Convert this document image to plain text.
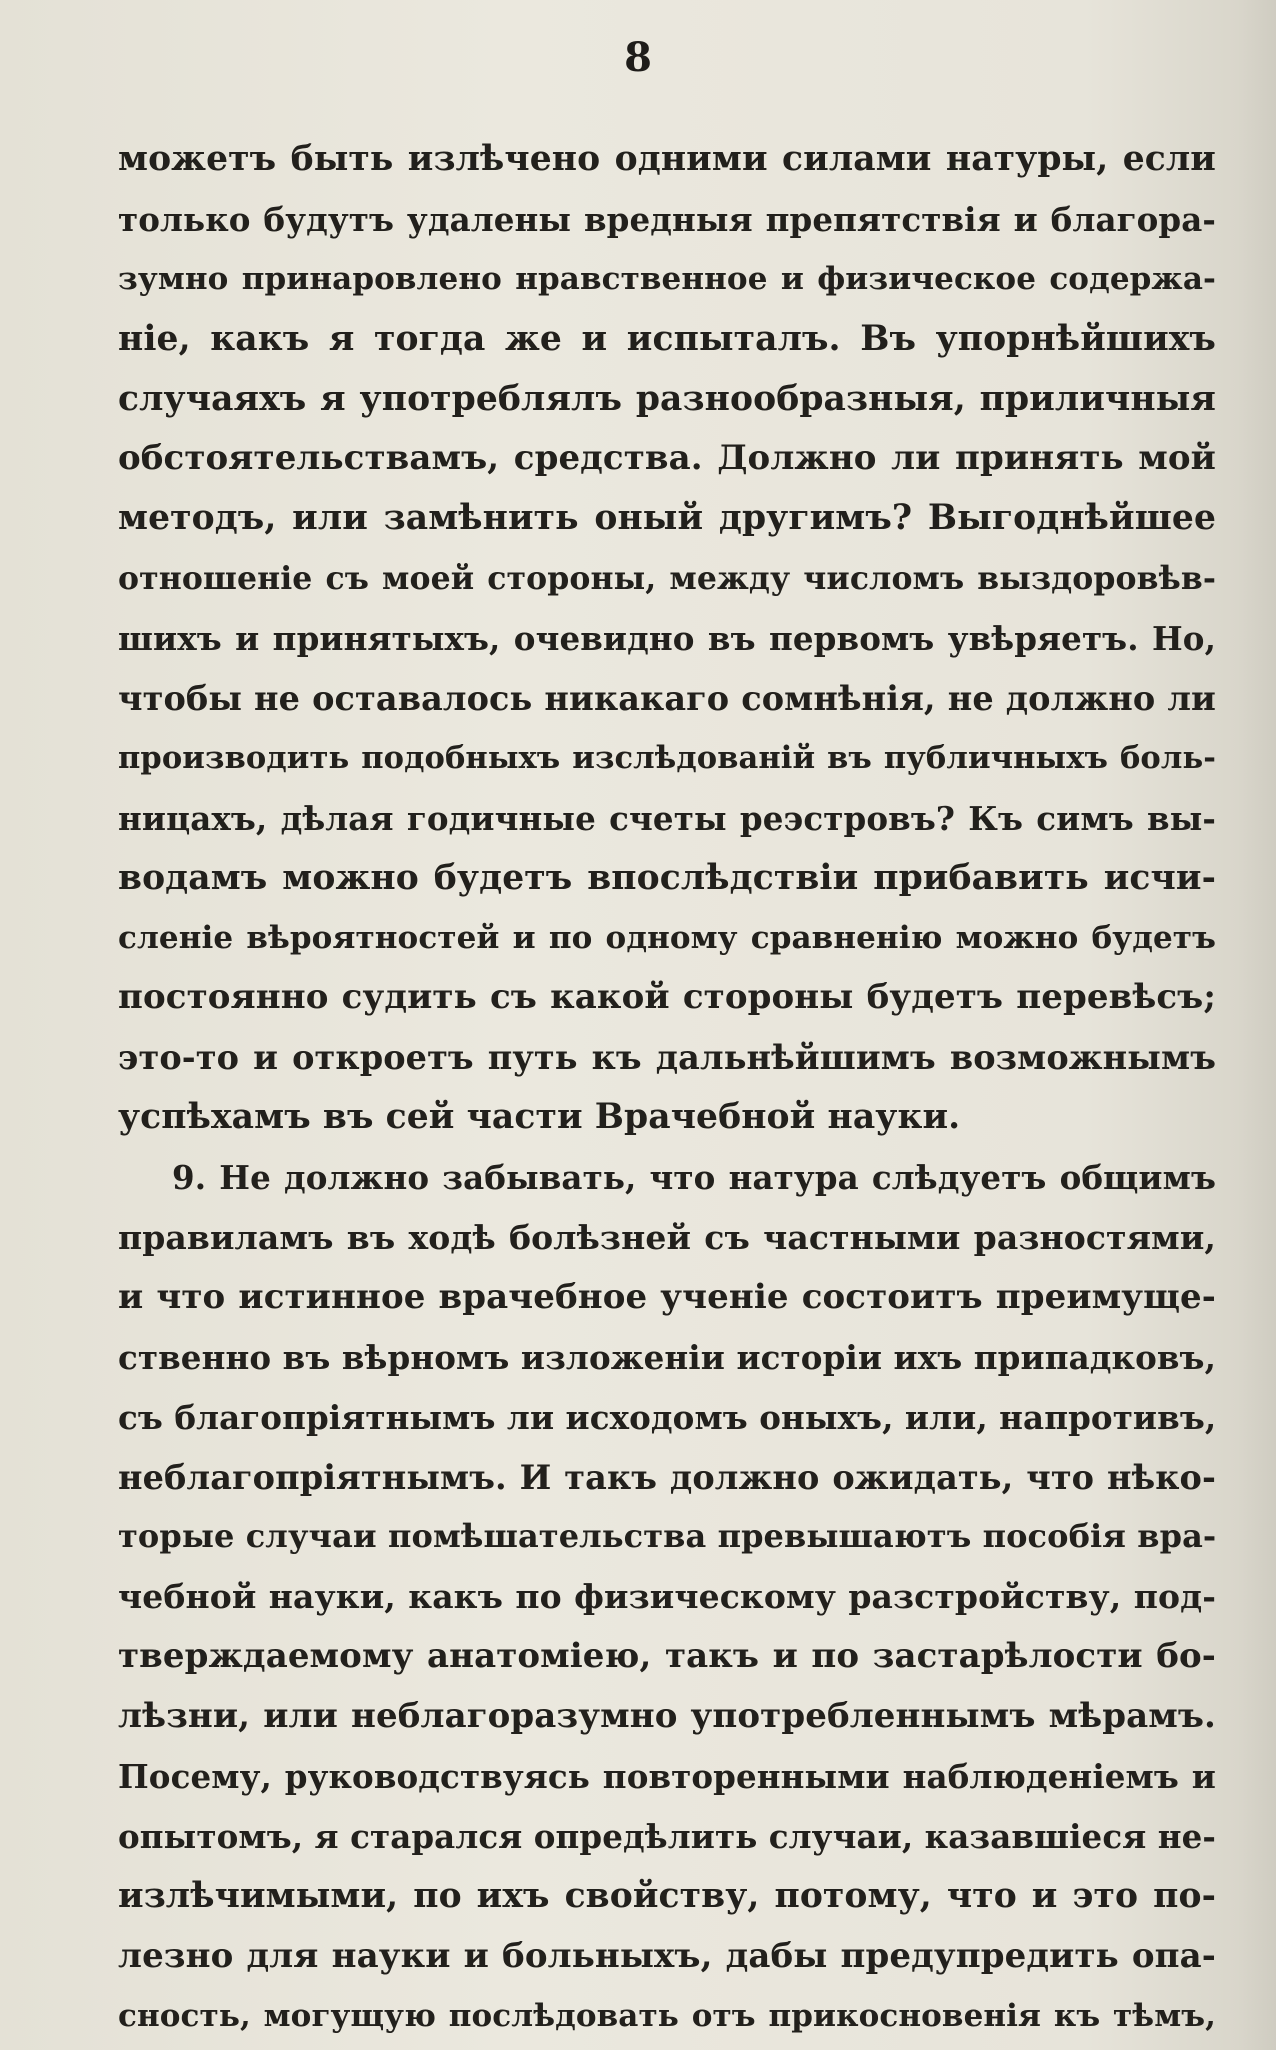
8
можетъ быть излѣчено одними силами натуры, если
только будутъ удалены вредныя препятствія и благора-
зумно принаровлено нравственное и физическое содержа-
ніе, какъ я тогда же и испыталъ. Въ упорнѣйшихъ
случаяхъ я употреблялъ разнообразныя, приличныя
обстоятельствамъ, средства. Должно ли принять мой
методъ, или замѣнить оный другимъ? Выгоднѣйшее
отношеніе съ моей стороны, между числомъ выздоровѣв-
шихъ и принятыхъ, очевидно въ первомъ увѣряетъ. Но,
чтобы не оставалось никакаго сомнѣнія, не должно ли
производить подобныхъ изслѣдованій въ публичныхъ боль-
ницахъ, дѣлая годичные счеты реэстровъ? Къ симъ вы-
водамъ можно будетъ впослѣдствіи прибавить исчи-
сленіе вѣроятностей и по одному сравненію можно будетъ
постоянно судить съ какой стороны будетъ перевѣсъ;
это-то и откроетъ путь къ дальнѣйшимъ возможнымъ
успѣхамъ въ сей части Врачебной науки.
9. Не должно забывать, что натура слѣдуетъ общимъ
правиламъ въ ходѣ болѣзней съ частными разностями,
и что истинное врачебное ученіе состоитъ преимуще-
ственно въ вѣрномъ изложеніи исторіи ихъ припадковъ,
съ благопріятнымъ ли исходомъ оныхъ, или, напротивъ,
неблагопріятнымъ. И такъ должно ожидать, что нѣко-
торые случаи помѣшательства превышаютъ пособія вра-
чебной науки, какъ по физическому разстройству, под-
тверждаемому анатоміею, такъ и по застарѣлости бо-
лѣзни, или неблагоразумно употребленнымъ мѣрамъ.
Посему, руководствуясь повторенными наблюденіемъ и
опытомъ, я старался опредѣлить случаи, казавшіеся не-
излѣчимыми, по ихъ свойству, потому, что и это по-
лезно для науки и больныхъ, дабы предупредить опа-
сность, могущую послѣдовать отъ прикосновенія къ тѣмъ,
